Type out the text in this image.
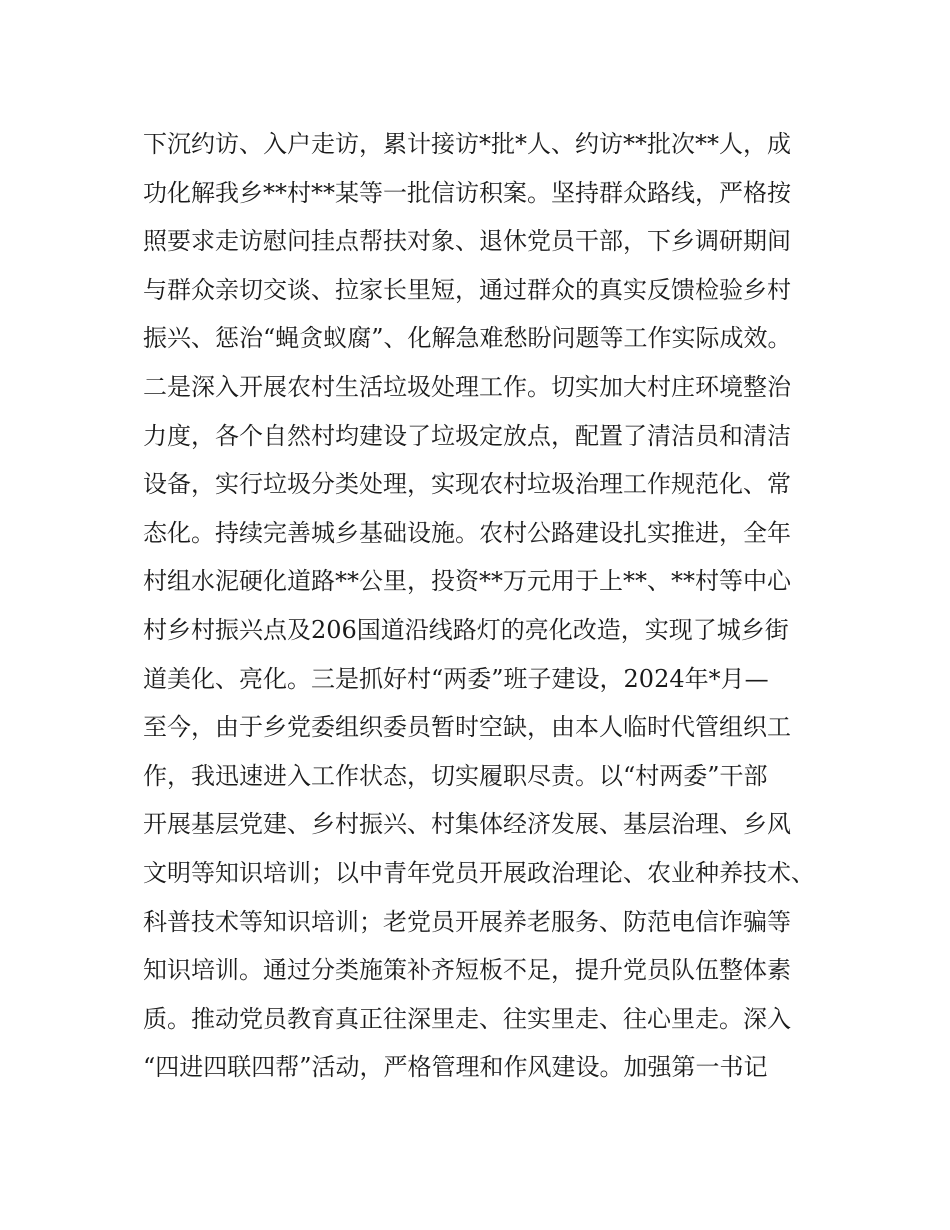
下沉约访、入户走访，累计接访*批*人、约访**批次**人，成
功化解我乡**村**某等一批信访积案。坚持群众路线，严格按
照要求走访慰问挂点帮扶对象、退休党员干部，下乡调研期间
与群众亲切交谈、拉家长里短，通过群众的真实反馈检验乡村
振兴、惩治“蝇贪蚁腐”、化解急难愁盼问题等工作实际成效。
二是深入开展农村生活垃圾处理工作。切实加大村庄环境整治
力度，各个自然村均建设了垃圾定放点，配置了清洁员和清洁
设备，实行垃圾分类处理，实现农村垃圾治理工作规范化、常
态化。持续完善城乡基础设施。农村公路建设扎实推进，全年
村组水泥硬化道路**公里，投资**万元用于上**、**村等中心
村乡村振兴点及206国道沿线路灯的亮化改造，实现了城乡街
道美化、亮化。三是抓好村“两委”班子建设，2024年*月—
至今，由于乡党委组织委员暂时空缺，由本人临时代管组织工
作，我迅速进入工作状态，切实履职尽责。以“村两委”干部
开展基层党建、乡村振兴、村集体经济发展、基层治理、乡风
文明等知识培训；以中青年党员开展政治理论、农业种养技术、
科普技术等知识培训；老党员开展养老服务、防范电信诈骗等
知识培训。通过分类施策补齐短板不足，提升党员队伍整体素
质。推动党员教育真正往深里走、往实里走、往心里走。深入
“四进四联四帮”活动，严格管理和作风建设。加强第一书记
